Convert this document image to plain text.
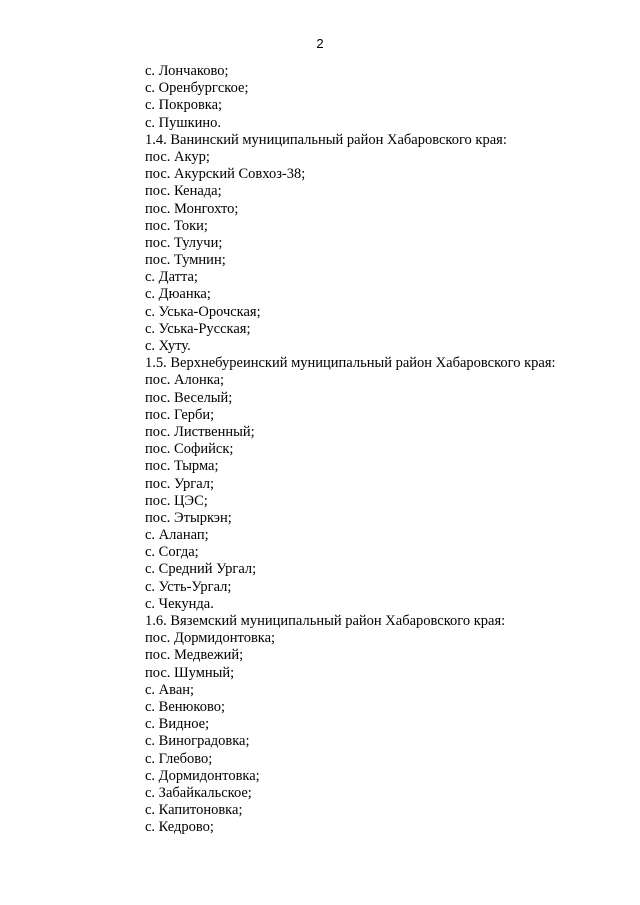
2
с. Лончаково;
с. Оренбургское;
с. Покровка;
с. Пушкино.
1.4. Ванинский муниципальный район Хабаровского края:
пос. Акур;
пос. Акурский Совхоз-38;
пос. Кенада;
пос. Монгохто;
пос. Токи;
пос. Тулучи;
пос. Тумнин;
с. Датта;
с. Дюанка;
с. Уська-Орочская;
с. Уська-Русская;
с. Хуту.
1.5. Верхнебуреинский муниципальный район Хабаровского края:
пос. Алонка;
пос. Веселый;
пос. Герби;
пос. Лиственный;
пос. Софийск;
пос. Тырма;
пос. Ургал;
пос. ЦЭС;
пос. Этыркэн;
с. Аланап;
с. Согда;
с. Средний Ургал;
с. Усть-Ургал;
с. Чекунда.
1.6. Вяземский муниципальный район Хабаровского края:
пос. Дормидонтовка;
пос. Медвежий;
пос. Шумный;
с. Аван;
с. Венюково;
с. Видное;
с. Виноградовка;
с. Глебово;
с. Дормидонтовка;
с. Забайкальское;
с. Капитоновка;
с. Кедрово;
